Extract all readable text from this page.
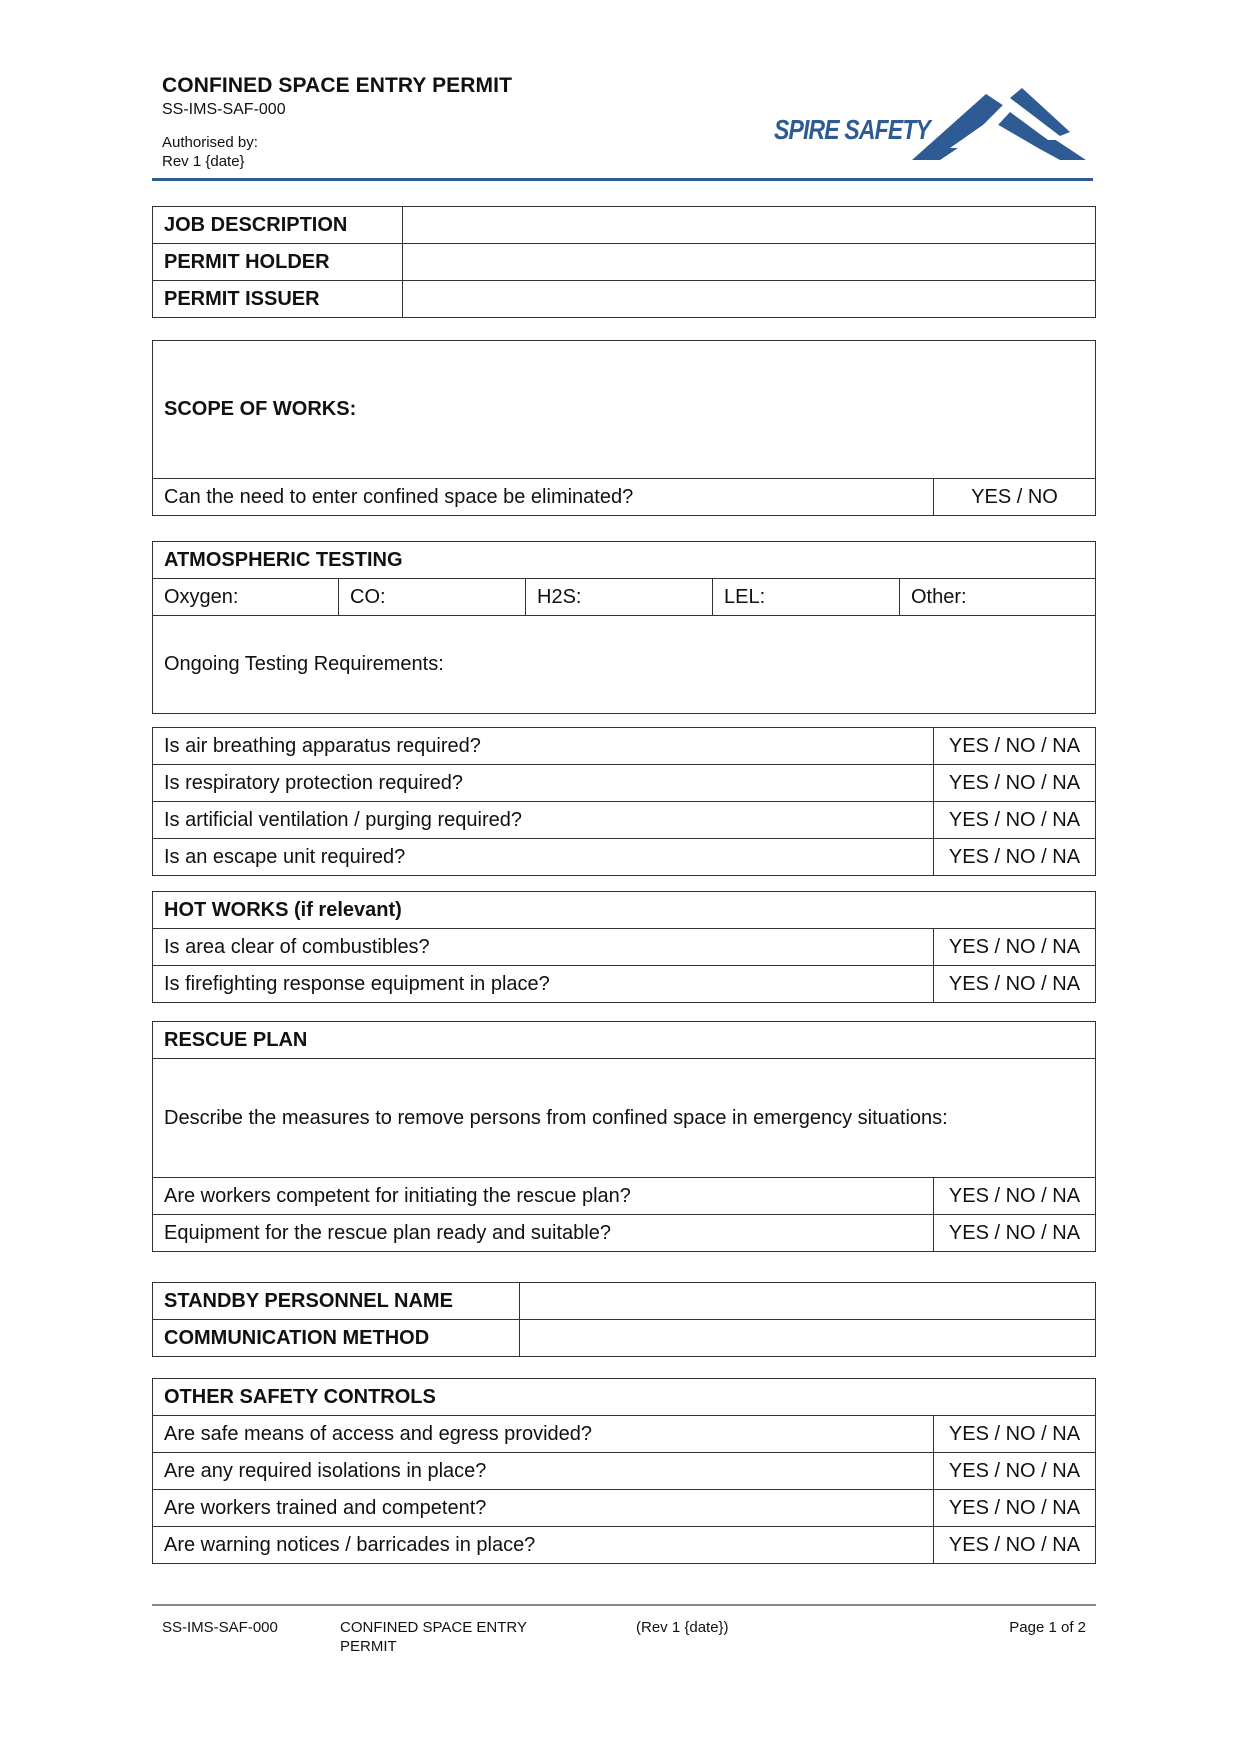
CONFINED SPACE ENTRY PERMIT
SS-IMS-SAF-000
Authorised by:
Rev 1 {date}
SPIRE SAFETY
JOB DESCRIPTION	
PERMIT HOLDER	
PERMIT ISSUER	
SCOPE OF WORKS:
Can the need to enter confined space be eliminated?	YES / NO
ATMOSPHERIC TESTING
Oxygen:	CO:	H2S:	LEL:	Other:
Ongoing Testing Requirements:
Is air breathing apparatus required?	YES / NO / NA
Is respiratory protection required?	YES / NO / NA
Is artificial ventilation / purging required?	YES / NO / NA
Is an escape unit required?	YES / NO / NA
HOT WORKS (if relevant)	
Is area clear of combustibles?	YES / NO / NA
Is firefighting response equipment in place?	YES / NO / NA
RESCUE PLAN	
Describe the measures to remove persons from confined space in emergency situations:	
Are workers competent for initiating the rescue plan?	YES / NO / NA
Equipment for the rescue plan ready and suitable?	YES / NO / NA
STANDBY PERSONNEL NAME	
COMMUNICATION METHOD	
OTHER SAFETY CONTROLS	
Are safe means of access and egress provided?	YES / NO / NA
Are any required isolations in place?	YES / NO / NA
Are workers trained and competent?	YES / NO / NA
Are warning notices / barricades in place?	YES / NO / NA
SS-IMS-SAF-000	CONFINED SPACE ENTRY PERMIT
(Rev 1 {date})	Page 1 of 2
